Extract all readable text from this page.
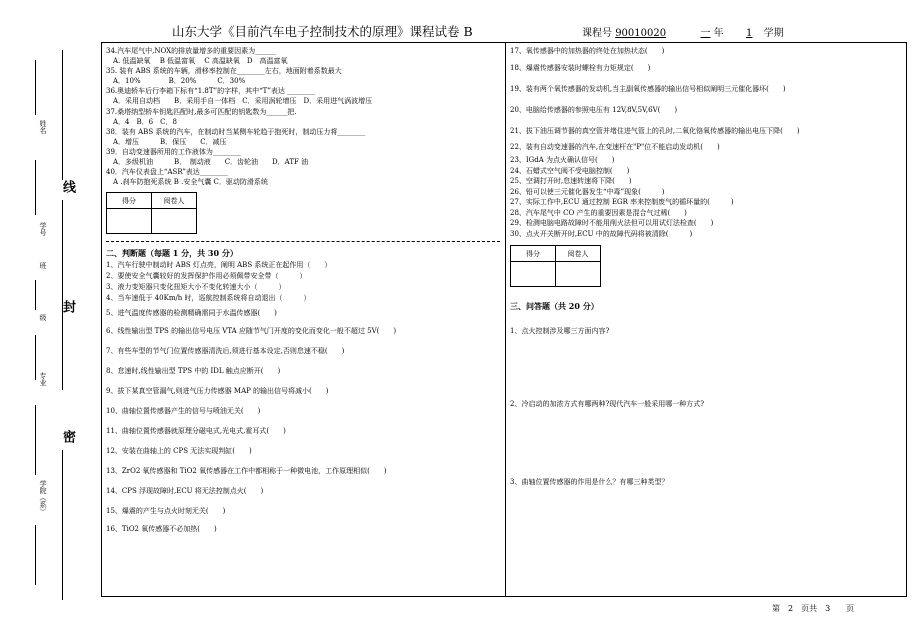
山东大学《目前汽车电子控制技术的原理》课程试卷 B	课程号 90010020	一 年 1 学期
线
封
密
姓名
学号
班
级
专业
学院（系）
34.汽车尾气中,NOX的排放量增多的重要因素为______
　A. 低温缺氧　 B 低温富氧　 C 高温缺氧　D　高温富氧
35. 装有 ABS 系统的车辆，滑移率控制在________左右，地面附着系数最大
　A．10%　　　　B．20%　　　C．30%
36.奥迪轿车后行李箱下标有“1.8T”的字样，其中“T”表达 ________
　A．采用自动档　　B．采用手自一体档　C．采用涡轮增压　D．采用进气涡波增压
37.桑塔纳型轿车钥匙匹配时,最多可匹配的钥匙数为______把.
　A．4　B．6　C．8
38．装有 ABS 系统的汽车，在制动时当某侧车轮趋于抱死时，制动压力将________
　A．增压　　　B．保压　　C．减压
39．自动变速器所用的工作液体为________
　A．多级机油　　　B．　制动液　　C．齿轮油　　D．ATF 油
40．汽车仪表盘上“ASR”表达________
　A .刹车防抱死系统 B .安全气囊 C．驱动防滑系统
得分	阅卷人

二、判断题（每题 1 分，共 30 分）
1、汽车行驶中制动时 ABS 灯点亮，阐明 ABS 系统正在起作用（　　）
2、要使安全气囊较好的发挥保护作用必须佩带安全带（　　　）
3、液力变矩器只变化扭矩大小不变化转速大小（　　　）
4、当车速低于 40Km/h 时，巡航控制系统将自动退出（　　　）
5、进气温度传感器的检测精确需同于水温传感器(　　)
6、线性输出型 TPS 的输出信号电压 VTA 应随节气门开度的变化而变化一般不超过 5V(　　)
7、有些车型的节气门位置传感器清洗后,须进行基本设定,否则怠速不稳(　　)
8、怠速时,线性输出型 TPS 中的 IDL 触点应断开(　　)
9、拔下某真空管漏气,则进气压力传感器 MAP 的输出信号将减小(　　)
10、曲轴位置传感器产生的信号与喷油无关(　　)
11、曲轴位置传感器就原理分磁电式,光电式,霍耳式(　　)
12、安装在曲轴上的 CPS 无法实现判缸(　　)
13、ZrO2 氧传感器和 TiO2 氧传感器在工作中都相称于一种微电池，工作原理相似(　　)
14、CPS 浮现故障时,ECU 将无法控制点火(　　)
15、爆震的产生与点火时刻无关(　　)
16、TiO2 氧传感器不必加热(　　)
17、氧传感器中的加热器的终处在加热状态(　　)
18、爆震传感器安装时螺栓有力矩规定(　　)
19、装有两个氧传感器的发动机,当主副氧传感器的输出信号相似阐明三元催化器坏(　　)
20、电脑给传感器的参照电压有 12V,8V,5V,6V(　　)
21、拔下油压调节器的真空管并堵住进气管上的孔时,二氧化铬氧传感器的输出电压下降(　　)
22、装有自动变速器的汽车,在变速杆在"P"位不能启动发动机(　　)
23、IGdA 为点火确认信号(　　)
24、石蜡式空气阀不受电脑控制(　　)
25、空调打开时,怠速转速将下降(　　)
26、铅可以使三元催化器发生“中毒”现象(　　　)
27、实际工作中,ECU 通过控制 EGR 率来控制废气的循环量的(　　　)
28、汽车尾气中 CO 产生的重要因素是混合气过稀(　　)
29、检测电脑电路故障时不能用削火法但可以用试灯法检查(　　)
30、点火开关断开时,ECU 中的故障代码将被清除(　　　)
得分	阅卷人

三、问答题（共 20 分）
1、点火控制涉及哪三方面内容?
2、冷启动的加浓方式有哪两种?现代汽车一般采用哪一种方式?
3、曲轴位置传感器的作用是什么？有哪三种类型？
第　2　页共　3　　页
